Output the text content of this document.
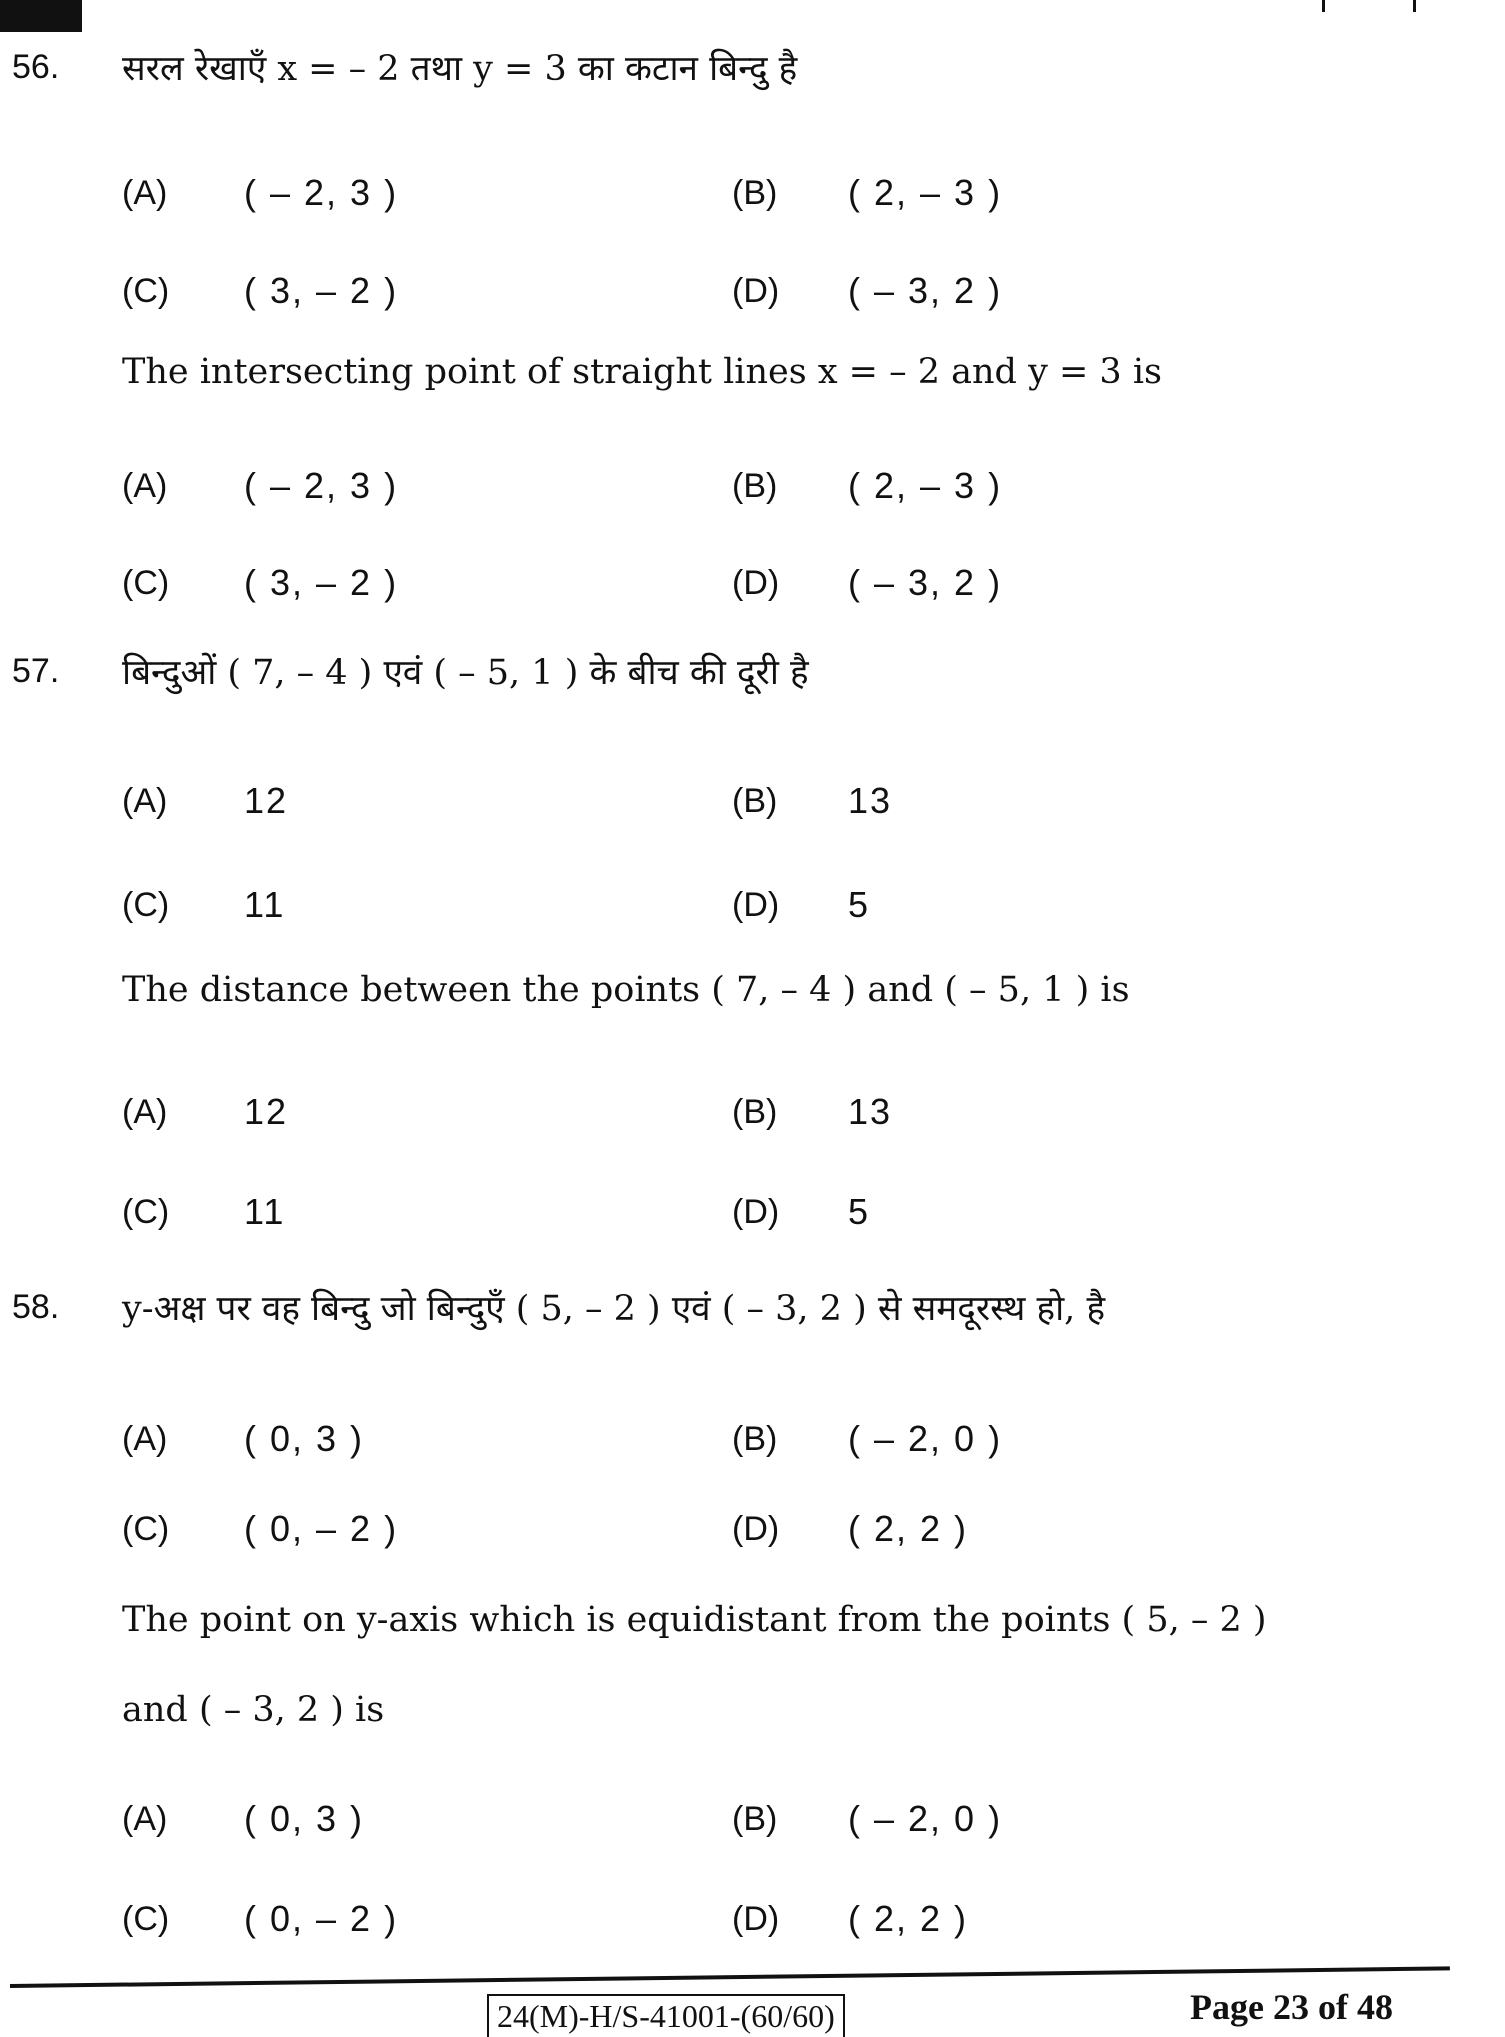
56. सरल रेखाएँ x = – 2 तथा y = 3 का कटान बिन्दु है
(A) ( – 2, 3 )	(B) ( 2, – 3 )
(C) ( 3, – 2 )	(D) ( – 3, 2 )
(A) ( – 2, 3 )	(B) ( 2, – 3 )
(C) ( 3, – 2 )	(D) ( – 3, 2 )
The intersecting point of straight lines x = – 2 and y = 3 is
57. बिन्दुओं ( 7, – 4 ) एवं ( – 5, 1 ) के बीच की दूरी है
(A) 12	(B) 13
(C) 11	(D) 5
(A) 12	(B) 13
(C) 11	(D) 5
The distance between the points ( 7, – 4 ) and ( – 5, 1 ) is
58. y-अक्ष पर वह बिन्दु जो बिन्दुएँ ( 5, – 2 ) एवं ( – 3, 2 ) से समदूरस्थ हो, है
(A) ( 0, 3 )	(B) ( – 2, 0 )
(C) ( 0, – 2 )	(D) ( 2, 2 )
(A) ( 0, 3 )	(B) ( – 2, 0 )
(C) ( 0, – 2 )	(D) ( 2, 2 )
The point on y-axis which is equidistant from the points ( 5, – 2 )
and ( – 3, 2 ) is
24(M)-H/S-41001-(60/60)	Page 23 of 48
